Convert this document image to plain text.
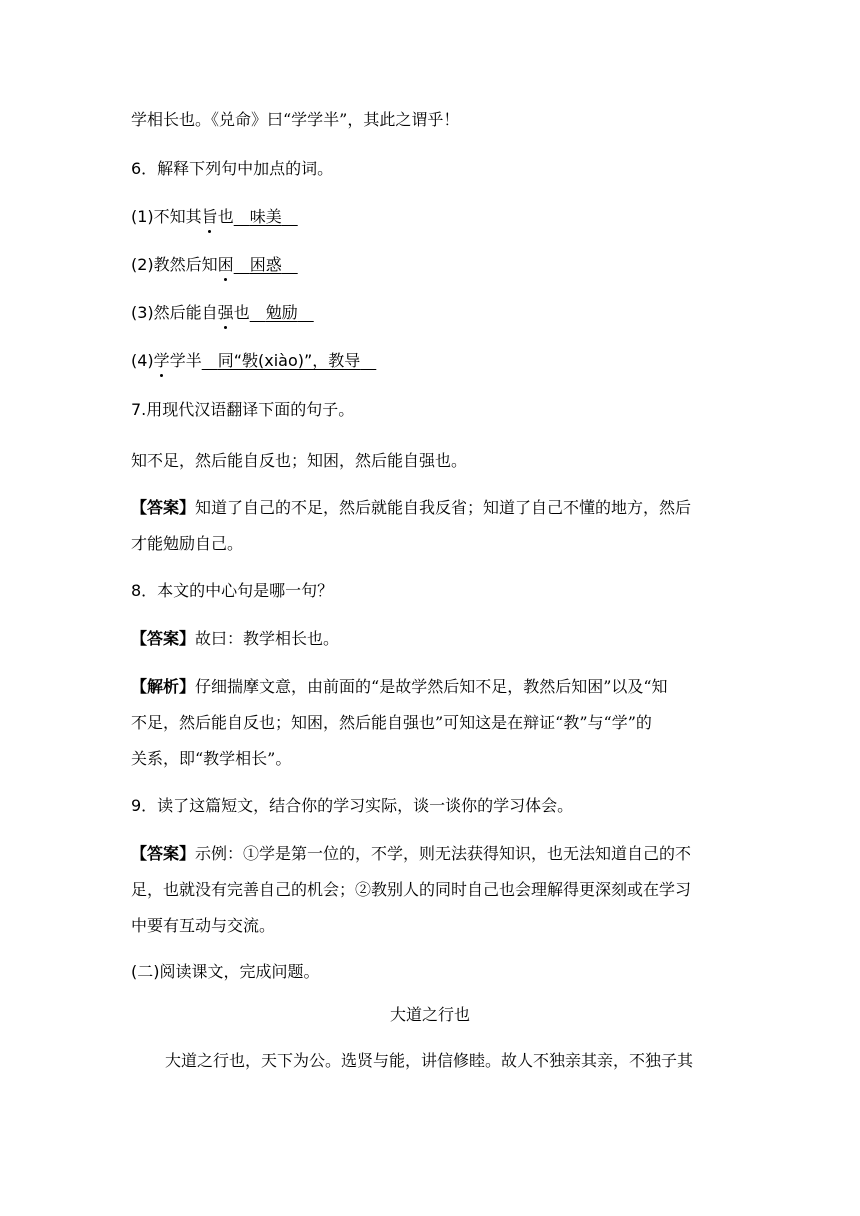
学相长也。《兑命》曰“学学半”，其此之谓乎！
6．解释下列句中加点的词。
(1)不知其旨也   味美  
(2)教然后知困   困惑  
(3)然后能自强也   勉励  
(4)学学半   同“斅(xiào)”，教导  
7.用现代汉语翻译下面的句子。
知不足，然后能自反也；知困，然后能自强也。
【答案】知道了自己的不足，然后就能自我反省；知道了自己不懂的地方，然后
才能勉励自己。
8．本文的中心句是哪一句？
【答案】故曰：教学相长也。
【解析】仔细揣摩文意，由前面的“是故学然后知不足，教然后知困”以及“知
不足，然后能自反也；知困，然后能自强也”可知这是在辩证“教”与“学”的
关系，即“教学相长”。
9．读了这篇短文，结合你的学习实际，谈一谈你的学习体会。
【答案】示例：①学是第一位的，不学，则无法获得知识，也无法知道自己的不
足，也就没有完善自己的机会；②教别人的同时自己也会理解得更深刻或在学习
中要有互动与交流。
(二)阅读课文，完成问题。
大道之行也
大道之行也，天下为公。选贤与能，讲信修睦。故人不独亲其亲，不独子其
